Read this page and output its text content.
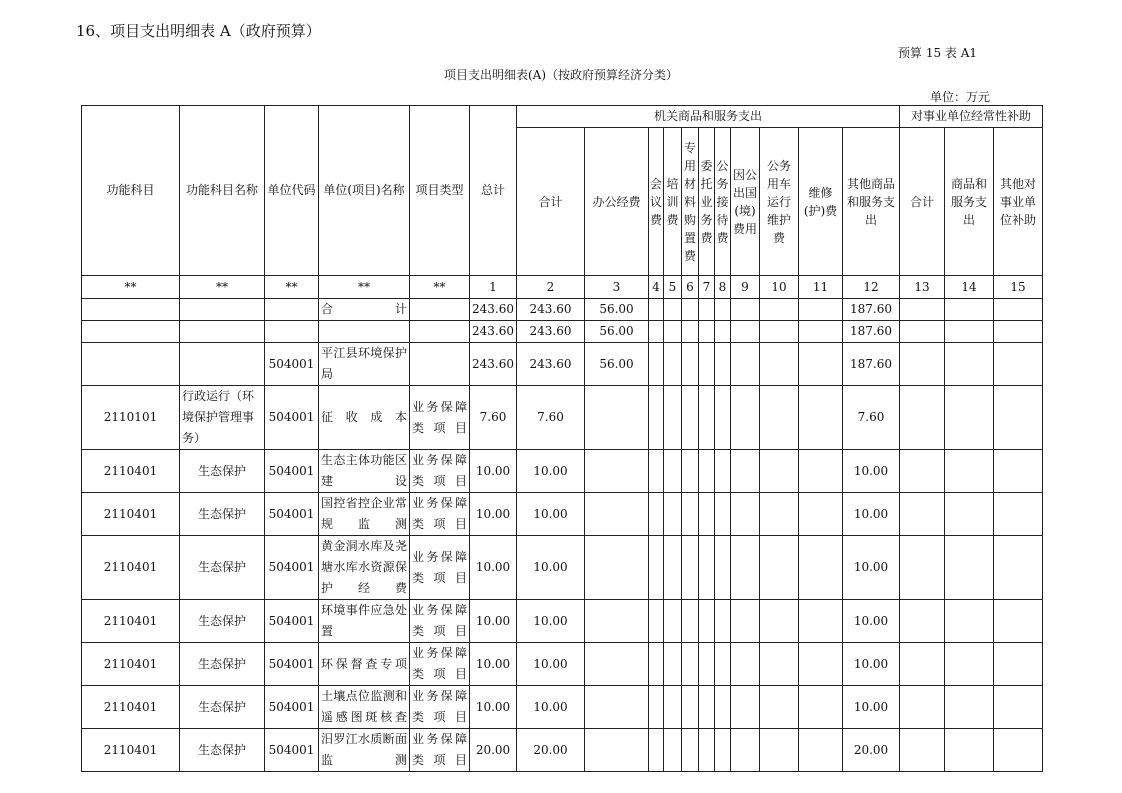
16、项目支出明细表 A（政府预算）
预算 15 表 A1
项目支出明细表(A)（按政府预算经济分类）
单位：万元
功能科目	功能科目名称	单位代码	单位(项目)名称	项目类型	总计	机关商品和服务支出											对事业单位经常性补助		
						合计	办公经费	会议费	培训费	专用材料购置费	委托业务费	公务接待费	因公出国(境)费用	公务用车运行维护费	维修(护)费	其他商品和服务支出	合计	商品和服务支出	其他对事业单位补助
**	**	**	**	**	1	2	3	4	5	6	7	8	9	10	11	12	13	14	15
			合计		243.60	243.60	56.00									187.60			
					243.60	243.60	56.00									187.60			
		504001	平江县环境保护局		243.60	243.60	56.00									187.60			
2110101	行政运行（环境保护管理事务）	504001	征收成本	业务保障类项目	7.60	7.60										7.60			
2110401	生态保护	504001	生态主体功能区建设	业务保障类项目	10.00	10.00										10.00			
2110401	生态保护	504001	国控省控企业常规监测	业务保障类项目	10.00	10.00										10.00			
2110401	生态保护	504001	黄金洞水库及尧塘水库水资源保护经费	业务保障类项目	10.00	10.00										10.00			
2110401	生态保护	504001	环境事件应急处置	业务保障类项目	10.00	10.00										10.00			
2110401	生态保护	504001	环保督查专项	业务保障类项目	10.00	10.00										10.00			
2110401	生态保护	504001	土壤点位监测和遥感图斑核查	业务保障类项目	10.00	10.00										10.00			
2110401	生态保护	504001	汨罗江水质断面监测	业务保障类项目	20.00	20.00										20.00			
